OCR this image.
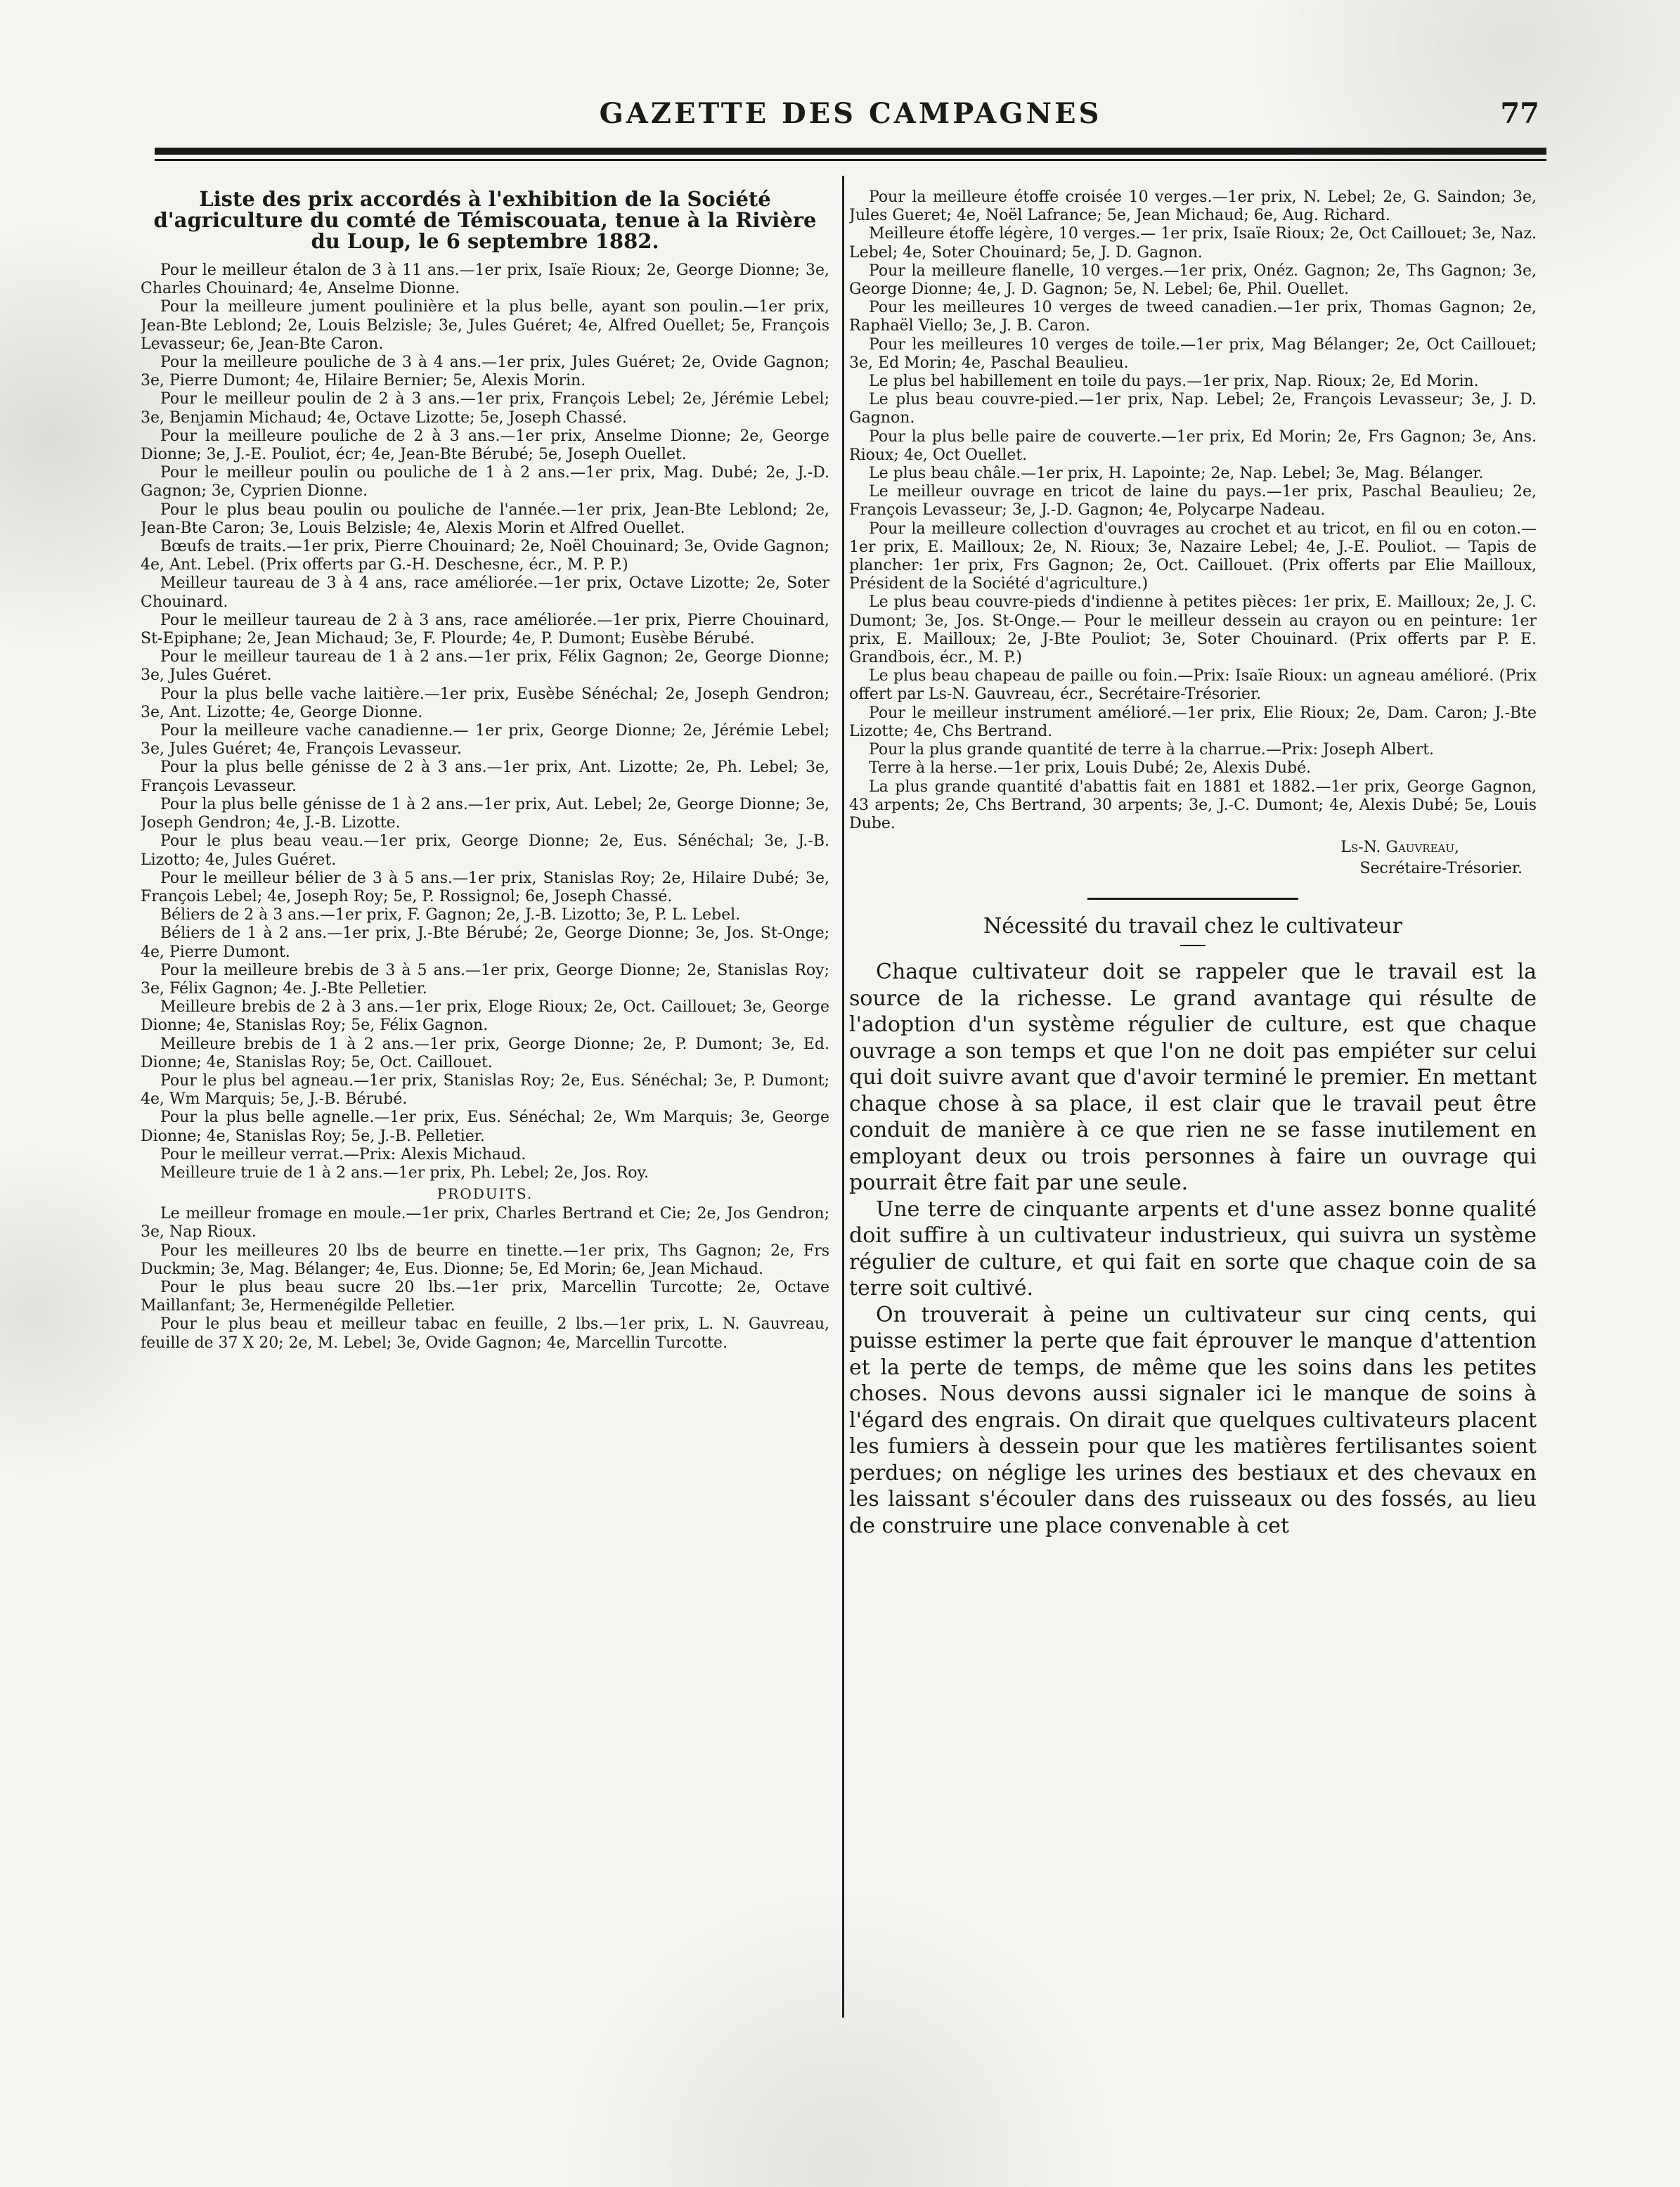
GAZETTE DES CAMPAGNES	77
Liste des prix accordés à l'exhibition de la Société d'agriculture du comté de Témiscouata, tenue à la Rivière du Loup, le 6 septembre 1882.

Pour le meilleur étalon de 3 à 11 ans.—1er prix, Isaïe Rioux; 2e, George Dionne; 3e, Charles Chouinard; 4e, Anselme Dionne.

Pour la meilleure jument poulinière et la plus belle, ayant son poulin.—1er prix, Jean-Bte Leblond; 2e, Louis Belzisle; 3e, Jules Guéret; 4e, Alfred Ouellet; 5e, François Levasseur; 6e, Jean-Bte Caron.

Pour la meilleure pouliche de 3 à 4 ans.—1er prix, Jules Guéret; 2e, Ovide Gagnon; 3e, Pierre Dumont; 4e, Hilaire Bernier; 5e, Alexis Morin.

Pour le meilleur poulin de 2 à 3 ans.—1er prix, François Lebel; 2e, Jérémie Lebel; 3e, Benjamin Michaud; 4e, Octave Lizotte; 5e, Joseph Chassé.

Pour la meilleure pouliche de 2 à 3 ans.—1er prix, Anselme Dionne; 2e, George Dionne; 3e, J.-E. Pouliot, écr; 4e, Jean-Bte Bérubé; 5e, Joseph Ouellet.

Pour le meilleur poulin ou pouliche de 1 à 2 ans.—1er prix, Mag. Dubé; 2e, J.-D. Gagnon; 3e, Cyprien Dionne.

Pour le plus beau poulin ou pouliche de l'année.—1er prix, Jean-Bte Leblond; 2e, Jean-Bte Caron; 3e, Louis Belzisle; 4e, Alexis Morin et Alfred Ouellet.

Bœufs de traits.—1er prix, Pierre Chouinard; 2e, Noël Chouinard; 3e, Ovide Gagnon; 4e, Ant. Lebel. (Prix offerts par G.-H. Deschesne, écr., M. P. P.)

Meilleur taureau de 3 à 4 ans, race améliorée.—1er prix, Octave Lizotte; 2e, Soter Chouinard.

Pour le meilleur taureau de 2 à 3 ans, race améliorée.—1er prix, Pierre Chouinard, St-Epiphane; 2e, Jean Michaud; 3e, F. Plourde; 4e, P. Dumont; Eusèbe Bérubé.

Pour le meilleur taureau de 1 à 2 ans.—1er prix, Félix Gagnon; 2e, George Dionne; 3e, Jules Guéret.

Pour la plus belle vache laitière.—1er prix, Eusèbe Sénéchal; 2e, Joseph Gendron; 3e, Ant. Lizotte; 4e, George Dionne.

Pour la meilleure vache canadienne.— 1er prix, George Dionne; 2e, Jérémie Lebel; 3e, Jules Guéret; 4e, François Levasseur.

Pour la plus belle génisse de 2 à 3 ans.—1er prix, Ant. Lizotte; 2e, Ph. Lebel; 3e, François Levasseur.

Pour la plus belle génisse de 1 à 2 ans.—1er prix, Aut. Lebel; 2e, George Dionne; 3e, Joseph Gendron; 4e, J.-B. Lizotte.

Pour le plus beau veau.—1er prix, George Dionne; 2e, Eus. Sénéchal; 3e, J.-B. Lizotto; 4e, Jules Guéret.

Pour le meilleur bélier de 3 à 5 ans.—1er prix, Stanislas Roy; 2e, Hilaire Dubé; 3e, François Lebel; 4e, Joseph Roy; 5e, P. Rossignol; 6e, Joseph Chassé.

Béliers de 2 à 3 ans.—1er prix, F. Gagnon; 2e, J.-B. Lizotto; 3e, P. L. Lebel.

Béliers de 1 à 2 ans.—1er prix, J.-Bte Bérubé; 2e, George Dionne; 3e, Jos. St-Onge; 4e, Pierre Dumont.

Pour la meilleure brebis de 3 à 5 ans.—1er prix, George Dionne; 2e, Stanislas Roy; 3e, Félix Gagnon; 4e. J.-Bte Pelletier.

Meilleure brebis de 2 à 3 ans.—1er prix, Eloge Rioux; 2e, Oct. Caillouet; 3e, George Dionne; 4e, Stanislas Roy; 5e, Félix Gagnon.

Meilleure brebis de 1 à 2 ans.—1er prix, George Dionne; 2e, P. Dumont; 3e, Ed. Dionne; 4e, Stanislas Roy; 5e, Oct. Caillouet.

Pour le plus bel agneau.—1er prix, Stanislas Roy; 2e, Eus. Sénéchal; 3e, P. Dumont; 4e, Wm Marquis; 5e, J.-B. Bérubé.

Pour la plus belle agnelle.—1er prix, Eus. Sénéchal; 2e, Wm Marquis; 3e, George Dionne; 4e, Stanislas Roy; 5e, J.-B. Pelletier.

Pour le meilleur verrat.—Prix: Alexis Michaud.

Meilleure truie de 1 à 2 ans.—1er prix, Ph. Lebel; 2e, Jos. Roy.

PRODUITS.

Le meilleur fromage en moule.—1er prix, Charles Bertrand et Cie; 2e, Jos Gendron; 3e, Nap Rioux.

Pour les meilleures 20 lbs de beurre en tinette.—1er prix, Ths Gagnon; 2e, Frs Duckmin; 3e, Mag. Bélanger; 4e, Eus. Dionne; 5e, Ed Morin; 6e, Jean Michaud.

Pour le plus beau sucre 20 lbs.—1er prix, Marcellin Turcotte; 2e, Octave Maillanfant; 3e, Hermenégilde Pelletier.

Pour le plus beau et meilleur tabac en feuille, 2 lbs.—1er prix, L. N. Gauvreau, feuille de 37 X 20; 2e, M. Lebel; 3e, Ovide Gagnon; 4e, Marcellin Turcotte.

Pour la meilleure étoffe croisée 10 verges.—1er prix, N. Lebel; 2e, G. Saindon; 3e, Jules Gueret; 4e, Noël Lafrance; 5e, Jean Michaud; 6e, Aug. Richard.

Meilleure étoffe légère, 10 verges.— 1er prix, Isaïe Rioux; 2e, Oct Caillouet; 3e, Naz. Lebel; 4e, Soter Chouinard; 5e, J. D. Gagnon.

Pour la meilleure flanelle, 10 verges.—1er prix, Onéz. Gagnon; 2e, Ths Gagnon; 3e, George Dionne; 4e, J. D. Gagnon; 5e, N. Lebel; 6e, Phil. Ouellet.

Pour les meilleures 10 verges de tweed canadien.—1er prix, Thomas Gagnon; 2e, Raphaël Viello; 3e, J. B. Caron.

Pour les meilleures 10 verges de toile.—1er prix, Mag Bélanger; 2e, Oct Caillouet; 3e, Ed Morin; 4e, Paschal Beaulieu.

Le plus bel habillement en toile du pays.—1er prix, Nap. Rioux; 2e, Ed Morin.

Le plus beau couvre-pied.—1er prix, Nap. Lebel; 2e, François Levasseur; 3e, J. D. Gagnon.

Pour la plus belle paire de couverte.—1er prix, Ed Morin; 2e, Frs Gagnon; 3e, Ans. Rioux; 4e, Oct Ouellet.

Le plus beau châle.—1er prix, H. Lapointe; 2e, Nap. Lebel; 3e, Mag. Bélanger.

Le meilleur ouvrage en tricot de laine du pays.—1er prix, Paschal Beaulieu; 2e, François Levasseur; 3e, J.-D. Gagnon; 4e, Polycarpe Nadeau.

Pour la meilleure collection d'ouvrages au crochet et au tricot, en fil ou en coton.—1er prix, E. Mailloux; 2e, N. Rioux; 3e, Nazaire Lebel; 4e, J.-E. Pouliot. — Tapis de plancher: 1er prix, Frs Gagnon; 2e, Oct. Caillouet. (Prix offerts par Elie Mailloux, Président de la Société d'agriculture.)

Le plus beau couvre-pieds d'indienne à petites pièces: 1er prix, E. Mailloux; 2e, J. C. Dumont; 3e, Jos. St-Onge.— Pour le meilleur dessein au crayon ou en peinture: 1er prix, E. Mailloux; 2e, J-Bte Pouliot; 3e, Soter Chouinard. (Prix offerts par P. E. Grandbois, écr., M. P.)

Le plus beau chapeau de paille ou foin.—Prix: Isaïe Rioux: un agneau amélioré. (Prix offert par Ls-N. Gauvreau, écr., Secrétaire-Trésorier.

Pour le meilleur instrument amélioré.—1er prix, Elie Rioux; 2e, Dam. Caron; J.-Bte Lizotte; 4e, Chs Bertrand.

Pour la plus grande quantité de terre à la charrue.—Prix: Joseph Albert.

Terre à la herse.—1er prix, Louis Dubé; 2e, Alexis Dubé.

La plus grande quantité d'abattis fait en 1881 et 1882.—1er prix, George Gagnon, 43 arpents; 2e, Chs Bertrand, 30 arpents; 3e, J.-C. Dumont; 4e, Alexis Dubé; 5e, Louis Dube.

Ls-N. Gauvreau,
Secrétaire-Trésorier.
Nécessité du travail chez le cultivateur

Chaque cultivateur doit se rappeler que le travail est la source de la richesse. Le grand avantage qui résulte de l'adoption d'un système régulier de culture, est que chaque ouvrage a son temps et que l'on ne doit pas empiéter sur celui qui doit suivre avant que d'avoir terminé le premier. En mettant chaque chose à sa place, il est clair que le travail peut être conduit de manière à ce que rien ne se fasse inutilement en employant deux ou trois personnes à faire un ouvrage qui pourrait être fait par une seule.

Une terre de cinquante arpents et d'une assez bonne qualité doit suffire à un cultivateur industrieux, qui suivra un système régulier de culture, et qui fait en sorte que chaque coin de sa terre soit cultivé.

On trouverait à peine un cultivateur sur cinq cents, qui puisse estimer la perte que fait éprouver le manque d'attention et la perte de temps, de même que les soins dans les petites choses. Nous devons aussi signaler ici le manque de soins à l'égard des engrais. On dirait que quelques cultivateurs placent les fumiers à dessein pour que les matières fertilisantes soient perdues; on néglige les urines des bestiaux et des chevaux en les laissant s'écouler dans des ruisseaux ou des fossés, au lieu de construire une place convenable à cet
